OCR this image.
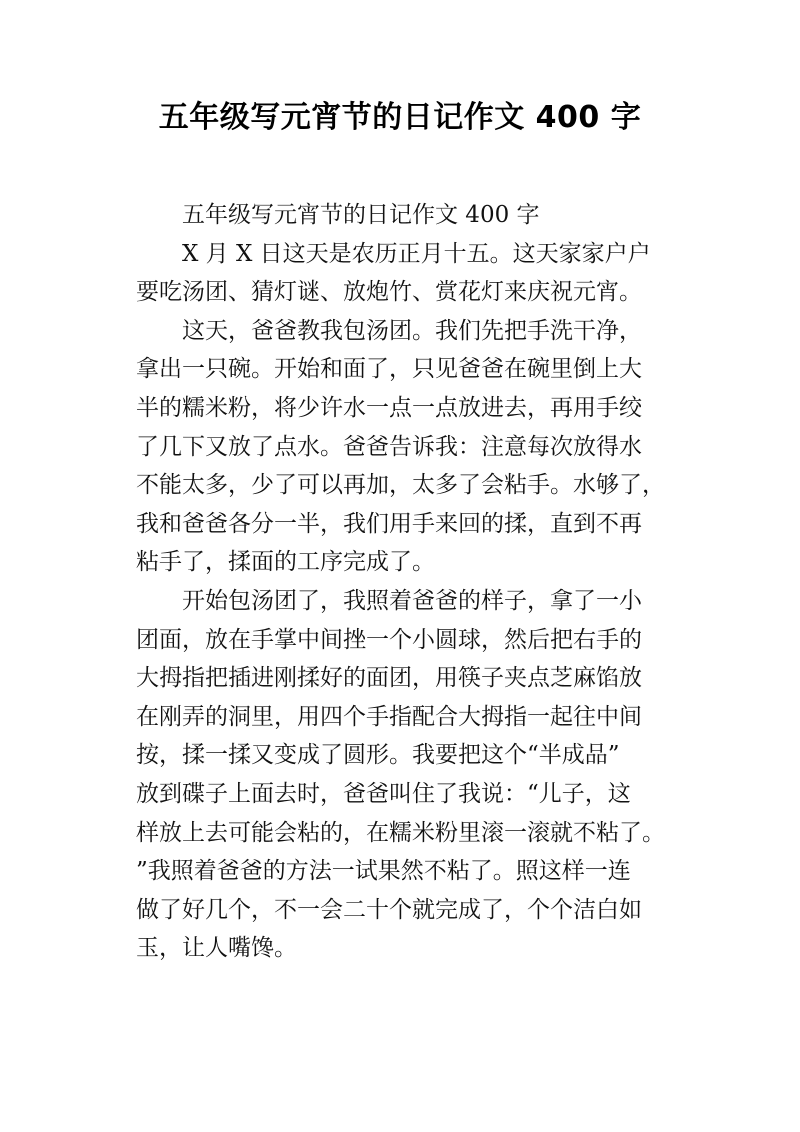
五年级写元宵节的日记作文 400 字
五年级写元宵节的日记作文 400 字
X 月 X 日这天是农历正月十五。这天家家户户
要吃汤团、猜灯谜、放炮竹、赏花灯来庆祝元宵。
这天，爸爸教我包汤团。我们先把手洗干净，
拿出一只碗。开始和面了，只见爸爸在碗里倒上大
半的糯米粉，将少许水一点一点放进去，再用手绞
了几下又放了点水。爸爸告诉我：注意每次放得水
不能太多，少了可以再加，太多了会粘手。水够了，
我和爸爸各分一半，我们用手来回的揉，直到不再
粘手了，揉面的工序完成了。
开始包汤团了，我照着爸爸的样子，拿了一小
团面，放在手掌中间挫一个小圆球，然后把右手的
大拇指把插进刚揉好的面团，用筷子夹点芝麻馅放
在刚弄的洞里，用四个手指配合大拇指一起往中间
按，揉一揉又变成了圆形。我要把这个“半成品”
放到碟子上面去时，爸爸叫住了我说：“儿子，这
样放上去可能会粘的，在糯米粉里滚一滚就不粘了。
”我照着爸爸的方法一试果然不粘了。照这样一连
做了好几个，不一会二十个就完成了，个个洁白如
玉，让人嘴馋。
